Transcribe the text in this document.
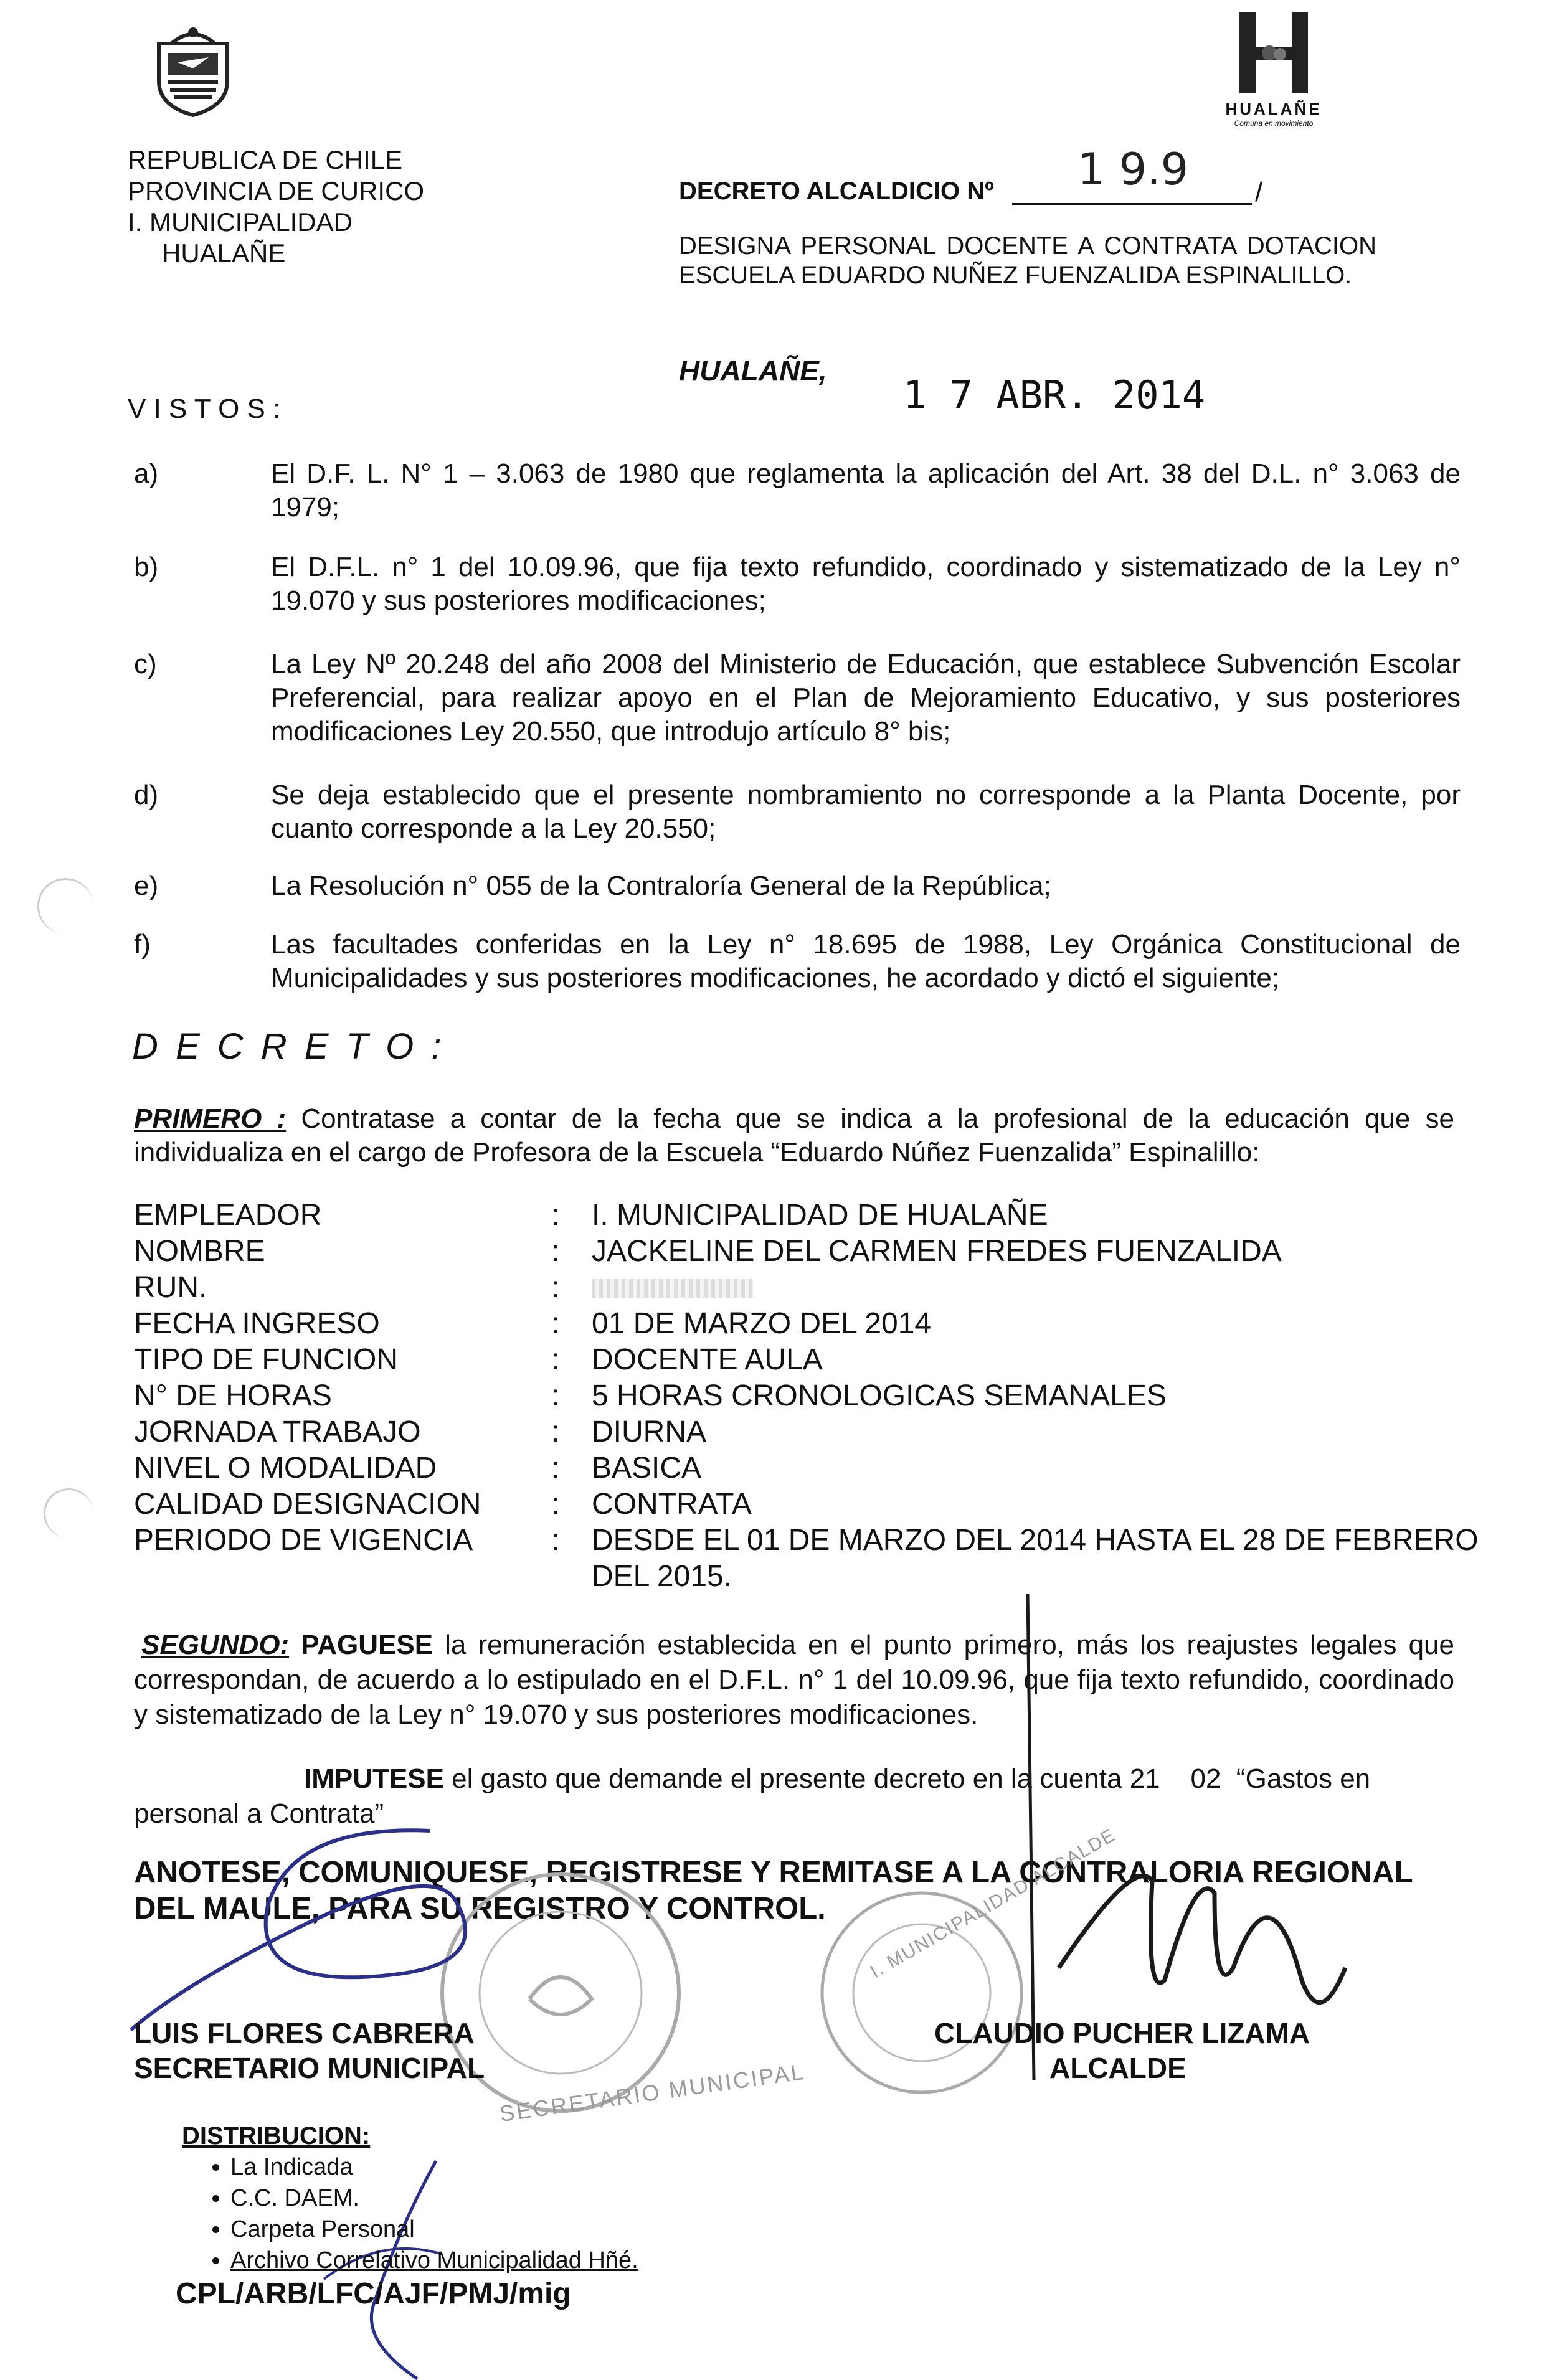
REPUBLICA DE CHILE
PROVINCIA DE CURICO
I. MUNICIPALIDAD
HUALAÑE
HUALAÑE
Comuna en movimiento
DECRETO ALCALDICIO Nº	/
1 9.9
DESIGNA PERSONAL DOCENTE A CONTRATA DOTACION ESCUELA EDUARDO NUÑEZ FUENZALIDA ESPINALILLO.
HUALAÑE,
1 7 ABR. 2014
V I S T O S :
a)	El D.F. L. N° 1 – 3.063 de 1980 que reglamenta la aplicación del Art. 38 del D.L. n° 3.063 de 1979;
b)	El D.F.L. n° 1 del 10.09.96, que fija texto refundido, coordinado y sistematizado de la Ley n° 19.070 y sus posteriores modificaciones;
c)	La Ley Nº 20.248 del año 2008 del Ministerio de Educación, que establece Subvención Escolar Preferencial, para realizar apoyo en el Plan de Mejoramiento Educativo, y sus posteriores modificaciones Ley 20.550, que introdujo artículo 8° bis;
d)	Se deja establecido que el presente nombramiento no corresponde a la Planta Docente, por cuanto corresponde a la Ley 20.550;
e)	La Resolución n° 055 de la Contraloría General de la República;
f)	Las facultades conferidas en la Ley n° 18.695 de 1988, Ley Orgánica Constitucional de Municipalidades y sus posteriores modificaciones, he acordado y dictó el siguiente;
D E C R E T O :
PRIMERO : Contratase a contar de la fecha que se indica a la profesional de la educación que se individualiza en el cargo de Profesora de la Escuela “Eduardo Núñez Fuenzalida” Espinalillo:
EMPLEADOR	: I. MUNICIPALIDAD DE HUALAÑE
NOMBRE	: JACKELINE DEL CARMEN FREDES FUENZALIDA
RUN.	:
FECHA INGRESO	: 01 DE MARZO DEL 2014
TIPO DE FUNCION	: DOCENTE AULA
N° DE HORAS	: 5 HORAS CRONOLOGICAS SEMANALES
JORNADA TRABAJO	: DIURNA
NIVEL O MODALIDAD	: BASICA
CALIDAD DESIGNACION : CONTRATA
PERIODO DE VIGENCIA	: DESDE EL 01 DE MARZO DEL 2014 HASTA EL 28 DE FEBRERO
DEL 2015.
SEGUNDO: PAGUESE la remuneración establecida en el punto primero, más los reajustes legales que correspondan, de acuerdo a lo estipulado en el D.F.L. n° 1 del 10.09.96, que fija texto refundido, coordinado y sistematizado de la Ley n° 19.070 y sus posteriores modificaciones.
IMPUTESE el gasto que demande el presente decreto en la cuenta 21    02  “Gastos en
personal a Contrata”
ANOTESE, COMUNIQUESE, REGISTRESE Y REMITASE A LA CONTRALORIA REGIONAL DEL MAULE, PARA SU REGISTRO Y CONTROL.
SECRETARIO MUNICIPAL
I. MUNICIPALIDAD ALCALDE
LUIS FLORES CABRERA
SECRETARIO MUNICIPAL
CLAUDIO PUCHER LIZAMA
ALCALDE
DISTRIBUCION:
• La Indicada
• C.C. DAEM.
• Carpeta Personal
• Archivo Correlativo Municipalidad Hñé.
CPL/ARB/LFC/AJF/PMJ/mig
